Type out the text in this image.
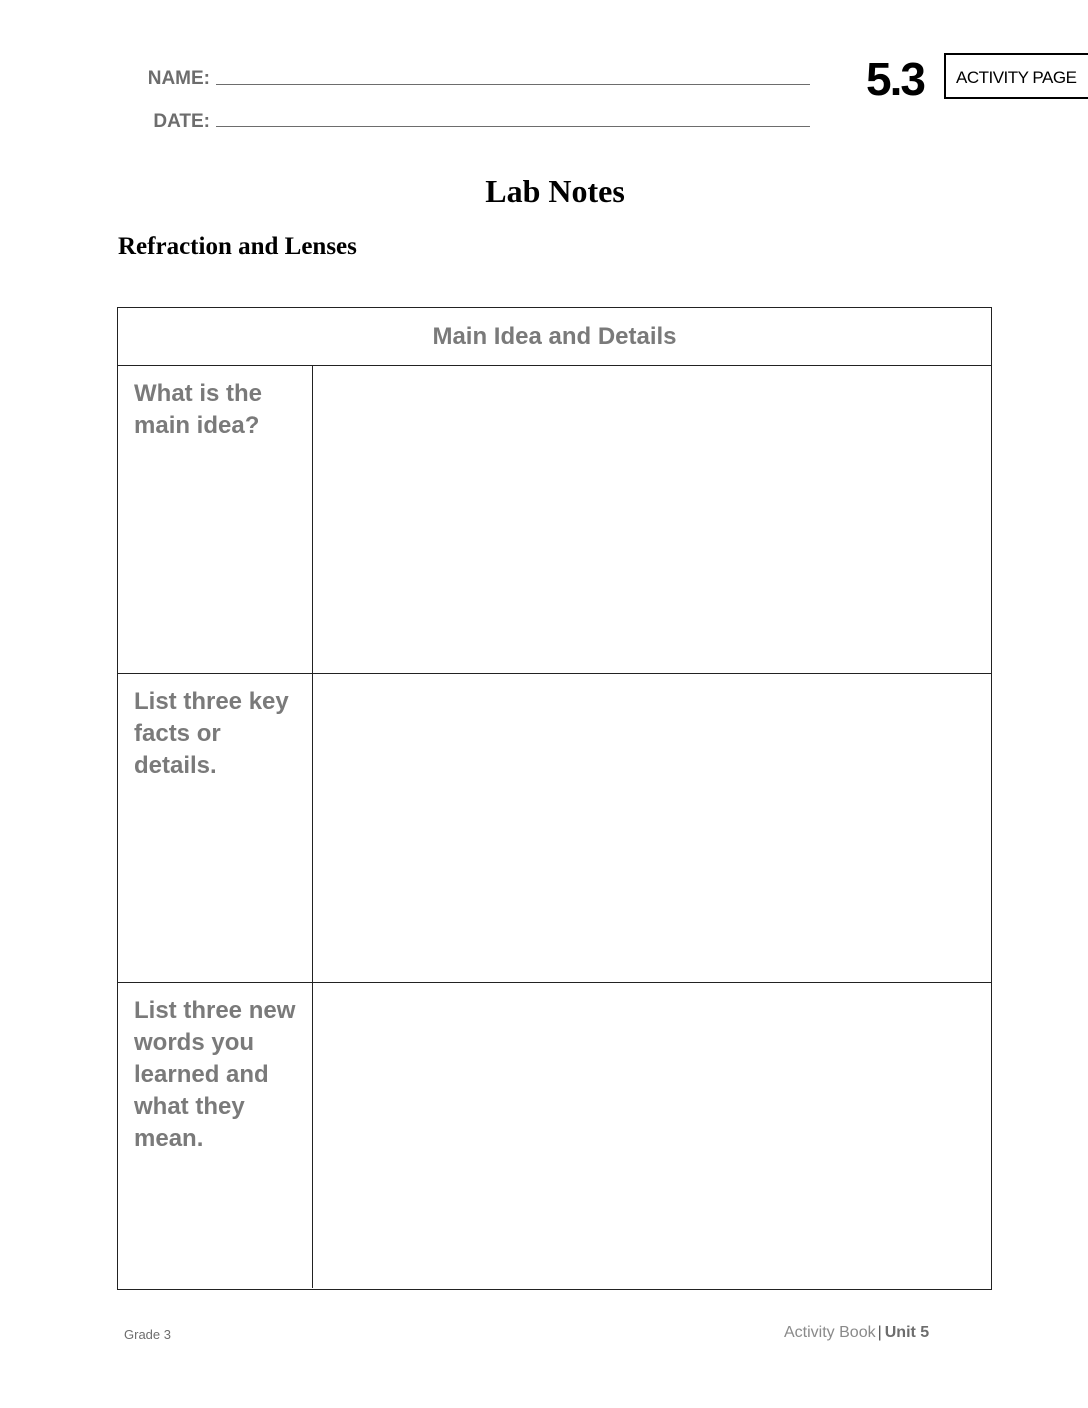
NAME:
DATE:
5.3 ACTIVITY PAGE
Lab Notes
Refraction and Lenses
Main Idea and Details
What is the main idea?
List three key facts or details.
List three new words you learned and what they mean.
Grade 3	Activity Book | Unit 5
